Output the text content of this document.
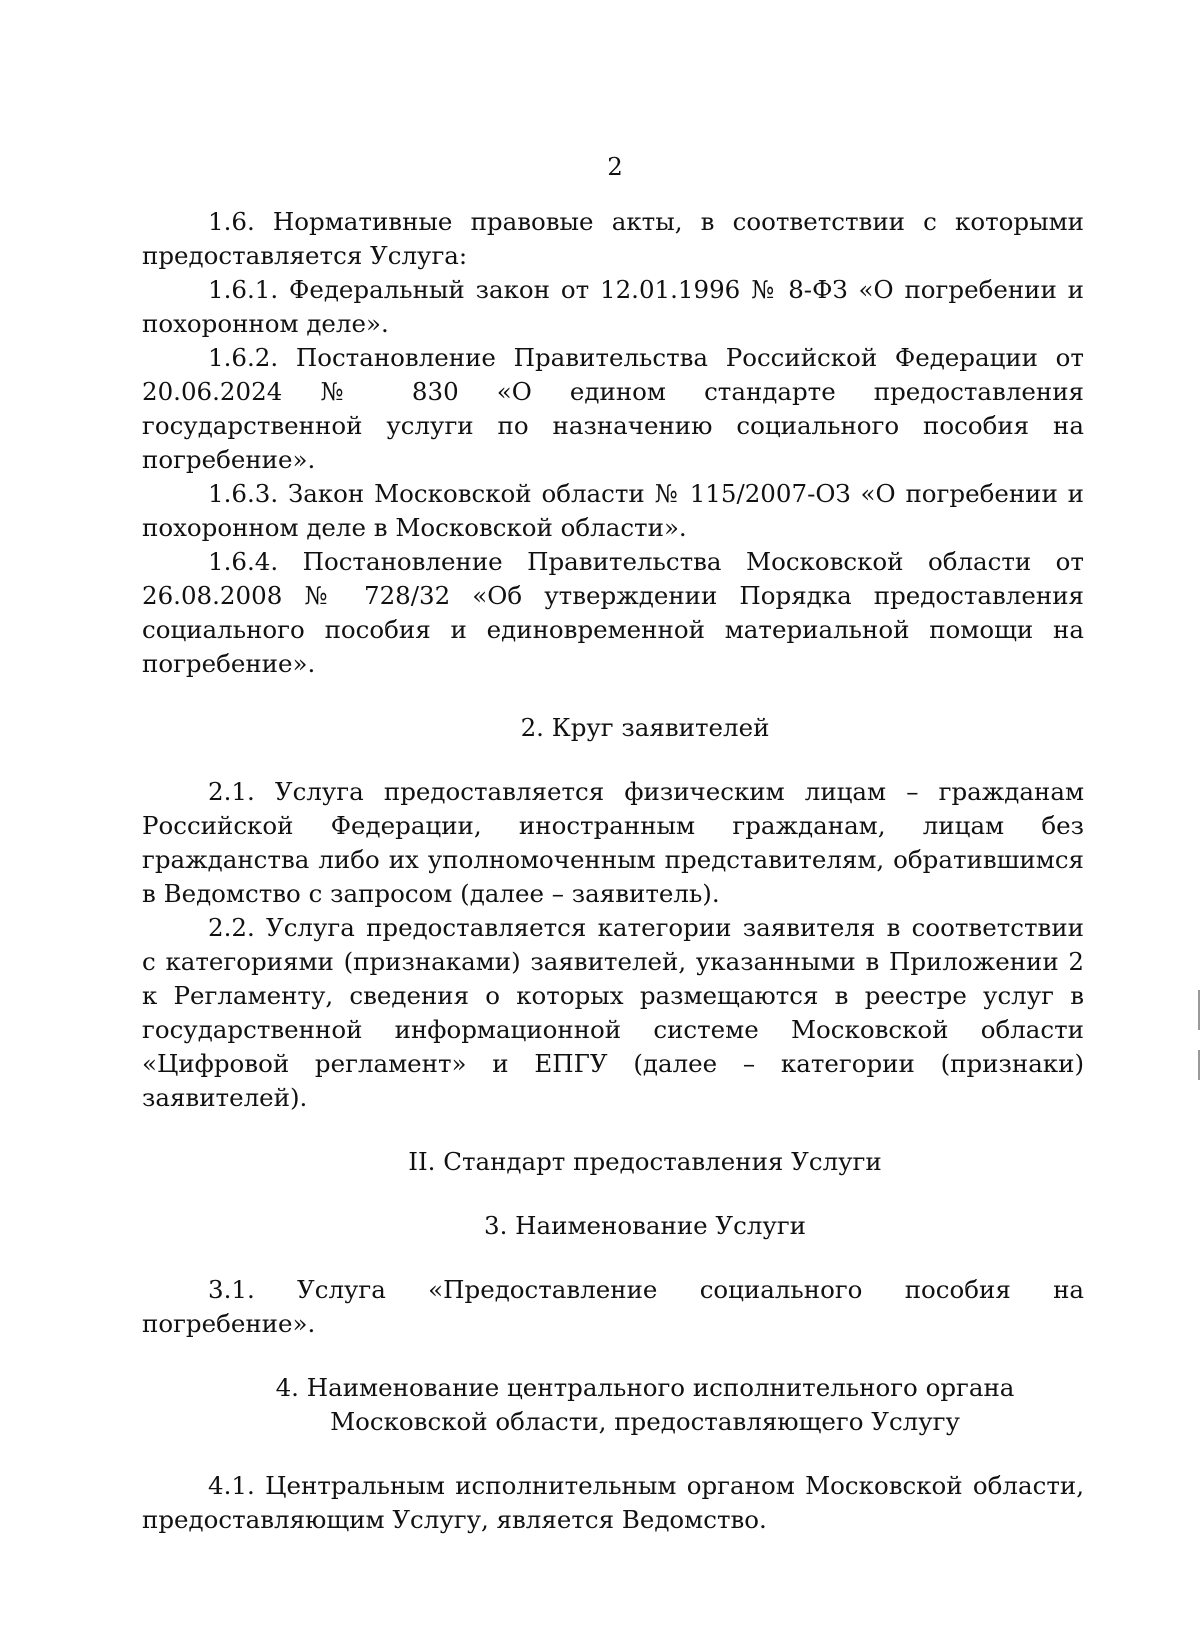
2

1.6. Нормативные правовые акты, в соответствии с которыми предоставляется Услуга:

1.6.1. Федеральный закон от 12.01.1996 № 8-ФЗ «О погребении и похоронном деле».

1.6.2. Постановление Правительства Российской Федерации от 20.06.2024 № 830 «О едином стандарте предоставления государственной услуги по назначению социального пособия на погребение».

1.6.3. Закон Московской области № 115/2007-ОЗ «О погребении и похоронном деле в Московской области».

1.6.4. Постановление Правительства Московской области от 26.08.2008 № 728/32 «Об утверждении Порядка предоставления социального пособия и единовременной материальной помощи на погребение».

2. Круг заявителей

2.1. Услуга предоставляется физическим лицам – гражданам Российской Федерации, иностранным гражданам, лицам без гражданства либо их уполномоченным представителям, обратившимся в Ведомство с запросом (далее – заявитель).

2.2. Услуга предоставляется категории заявителя в соответствии с категориями (признаками) заявителей, указанными в Приложении 2 к Регламенту, сведения о которых размещаются в реестре услуг в государственной информационной системе Московской области «Цифровой регламент» и ЕПГУ (далее – категории (признаки) заявителей).

II. Стандарт предоставления Услуги

3. Наименование Услуги

3.1. Услуга «Предоставление социального пособия на погребение».

4. Наименование центрального исполнительного органа

Московской области, предоставляющего Услугу

4.1. Центральным исполнительным органом Московской области, предоставляющим Услугу, является Ведомство.
